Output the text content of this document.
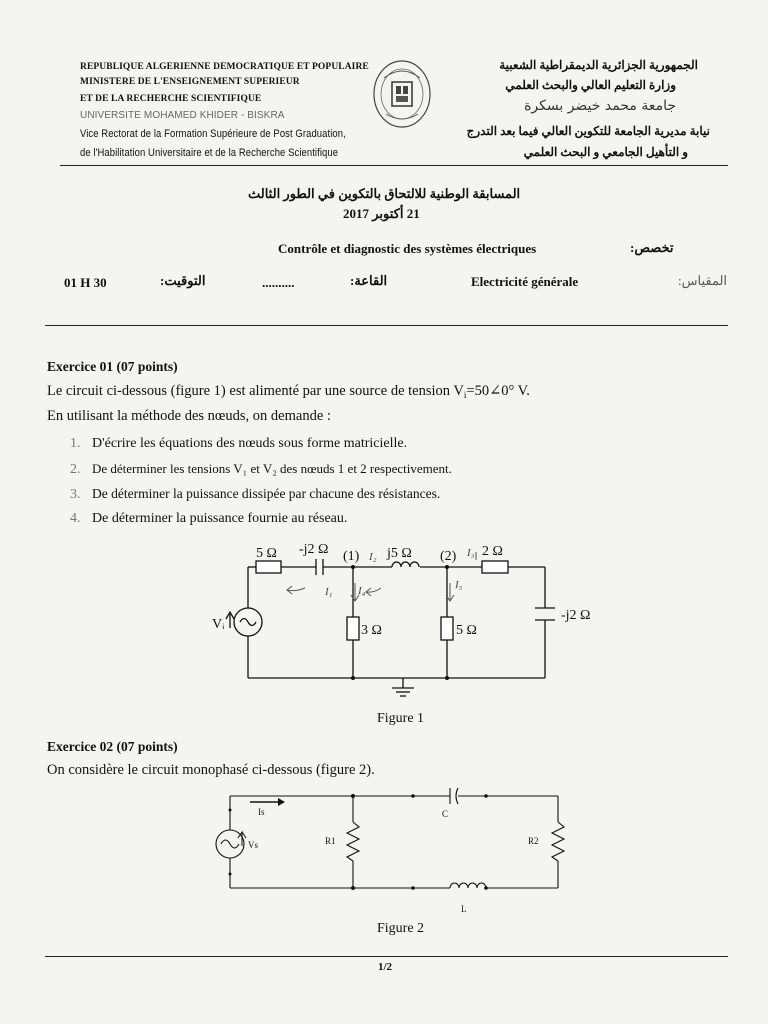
REPUBLIQUE ALGERIENNE DEMOCRATIQUE ET POPULAIRE
MINISTERE DE L'ENSEIGNEMENT SUPERIEUR
ET DE LA RECHERCHE SCIENTIFIQUE
UNIVERSITE MOHAMED KHIDER - BISKRA
Vice Rectorat de la Formation Supérieure de Post Graduation,
de l'Habilitation Universitaire et de la Recherche Scientifique
الجمهورية الجزائرية الديمقراطية الشعبية
وزارة التعليم العالي والبحث العلمي
جامعة محمد خيضر بسكرة
نيابة مديرية الجامعة للتكوين العالي فيما بعد التدرج
و التأهيل الجامعي و البحث العلمي
المسابقة الوطنية للالتحاق بالتكوين في الطور الثالث
21 أكتوبر 2017
تخصص:
Contrôle et diagnostic des systèmes électriques
01 H 30	التوقيت:	..........	القاعة:	Electricité générale	المقياس:
Exercice 01 (07 points)
Le circuit ci-dessous (figure 1) est alimenté par une source de tension $V_i=50\angle 0^\circ$ V.
En utilisant la méthode des nœuds, on demande :
1. D'écrire les équations des nœuds sous forme matricielle.
2. De déterminer les tensions V₁ et V₂ des nœuds 1 et 2 respectivement.
3. De déterminer la puissance dissipée par chacune des résistances.
4. De déterminer la puissance fournie au réseau.
5 Ω -j2 Ω (1) j5 Ω (2) 2 Ω
Vᵢ	3 Ω	5 Ω
-j2 Ω
I₁
I₂	I₃
I₄	I₅
Figure 1
Exercice 02 (07 points)
On considère le circuit monophasé ci-dessous (figure 2).
Is
Vs	R1
C
R2
L
Figure 2
1/2
